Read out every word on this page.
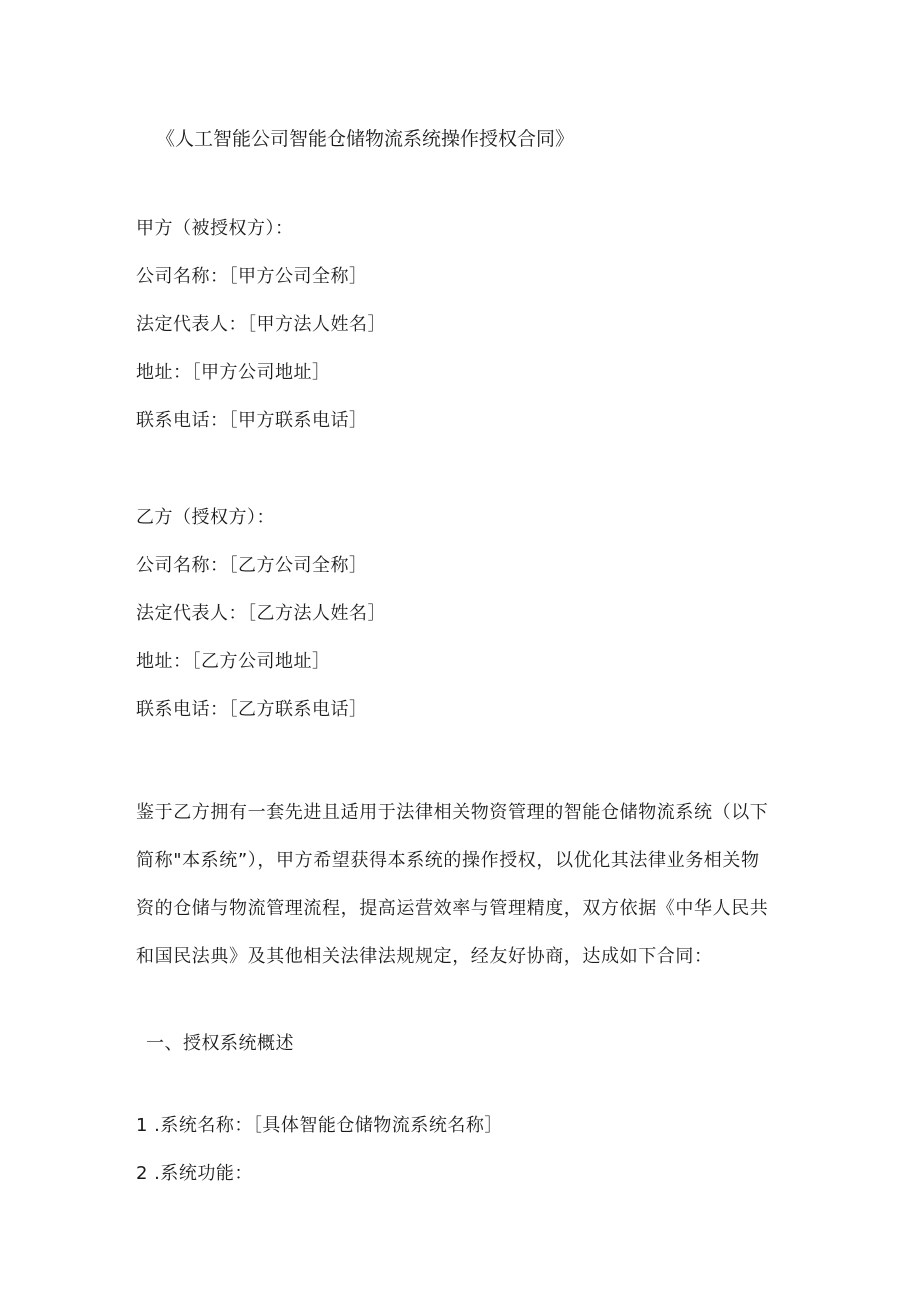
《人工智能公司智能仓储物流系统操作授权合同》
甲方（被授权方）：
公司名称：［甲方公司全称］
法定代表人：［甲方法人姓名］
地址：［甲方公司地址］
联系电话：［甲方联系电话］
乙方（授权方）：
公司名称：［乙方公司全称］
法定代表人：［乙方法人姓名］
地址：［乙方公司地址］
联系电话：［乙方联系电话］
鉴于乙方拥有一套先进且适用于法律相关物资管理的智能仓储物流系统（以下
简称"本系统”），甲方希望获得本系统的操作授权，以优化其法律业务相关物
资的仓储与物流管理流程，提高运营效率与管理精度，双方依据《中华人民共
和国民法典》及其他相关法律法规规定，经友好协商，达成如下合同：
一、授权系统概述
1 .系统名称：［具体智能仓储物流系统名称］
2 .系统功能：
